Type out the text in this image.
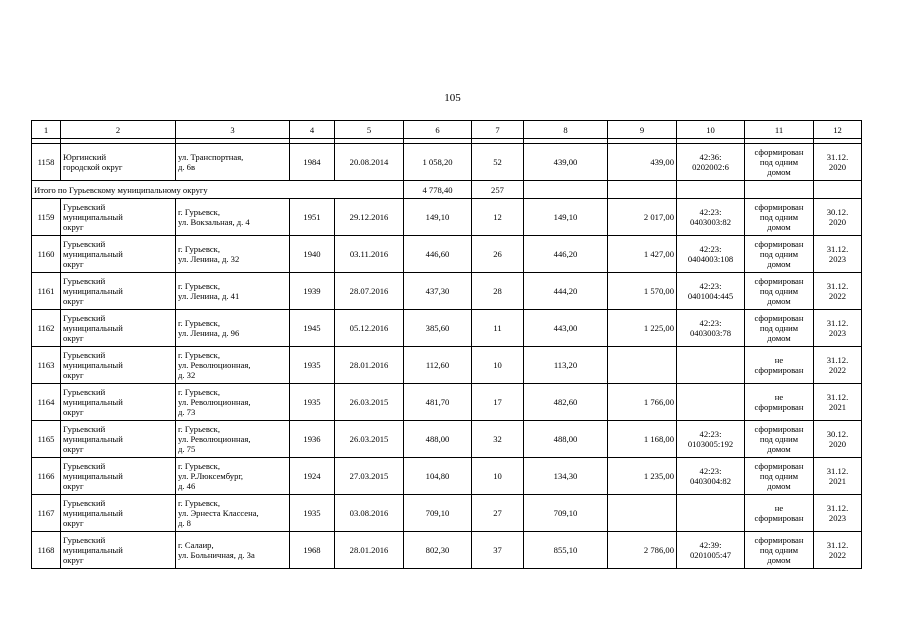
105
1	2	3	4	5	6	7	8	9	10	11	12

1158	Юргинский
городской округ	ул. Транспортная,
д. 6в	1984	20.08.2014	1 058,20	52	439,00	439,00	42:36:
0202002:6	сформирован
под одним
домом	31.12.
2020
Итого по Гурьевскому муниципальному округу					4 778,40	257					
1159	Гурьевский
муниципальный
округ	г. Гурьевск,
ул. Вокзальная, д. 4	1951	29.12.2016	149,10	12	149,10	2 017,00	42:23:
0403003:82	сформирован
под одним
домом	30.12.
2020
1160	Гурьевский
муниципальный
округ	г. Гурьевск,
ул. Ленина, д. 32	1940	03.11.2016	446,60	26	446,20	1 427,00	42:23:
0404003:108	сформирован
под одним
домом	31.12.
2023
1161	Гурьевский
муниципальный
округ	г. Гурьевск,
ул. Ленина, д. 41	1939	28.07.2016	437,30	28	444,20	1 570,00	42:23:
0401004:445	сформирован
под одним
домом	31.12.
2022
1162	Гурьевский
муниципальный
округ	г. Гурьевск,
ул. Ленина, д. 96	1945	05.12.2016	385,60	11	443,00	1 225,00	42:23:
0403003:78	сформирован
под одним
домом	31.12.
2023
1163	Гурьевский
муниципальный
округ	г. Гурьевск,
ул. Революционная,
д. 32	1935	28.01.2016	112,60	10	113,20			не
сформирован	31.12.
2022
1164	Гурьевский
муниципальный
округ	г. Гурьевск,
ул. Революционная,
д. 73	1935	26.03.2015	481,70	17	482,60	1 766,00		не
сформирован	31.12.
2021
1165	Гурьевский
муниципальный
округ	г. Гурьевск,
ул. Революционная,
д. 75	1936	26.03.2015	488,00	32	488,00	1 168,00	42:23:
0103005:192	сформирован
под одним
домом	30.12.
2020
1166	Гурьевский
муниципальный
округ	г. Гурьевск,
ул. Р.Люксембург,
д. 46	1924	27.03.2015	104,80	10	134,30	1 235,00	42:23:
0403004:82	сформирован
под одним
домом	31.12.
2021
1167	Гурьевский
муниципальный
округ	г. Гурьевск,
ул. Эрнеста Классена,
д. 8	1935	03.08.2016	709,10	27	709,10			не
сформирован	31.12.
2023
1168	Гурьевский
муниципальный
округ	г. Салаир,
ул. Больничная, д. 3а	1968	28.01.2016	802,30	37	855,10	2 786,00	42:39:
0201005:47	сформирован
под одним
домом	31.12.
2022
